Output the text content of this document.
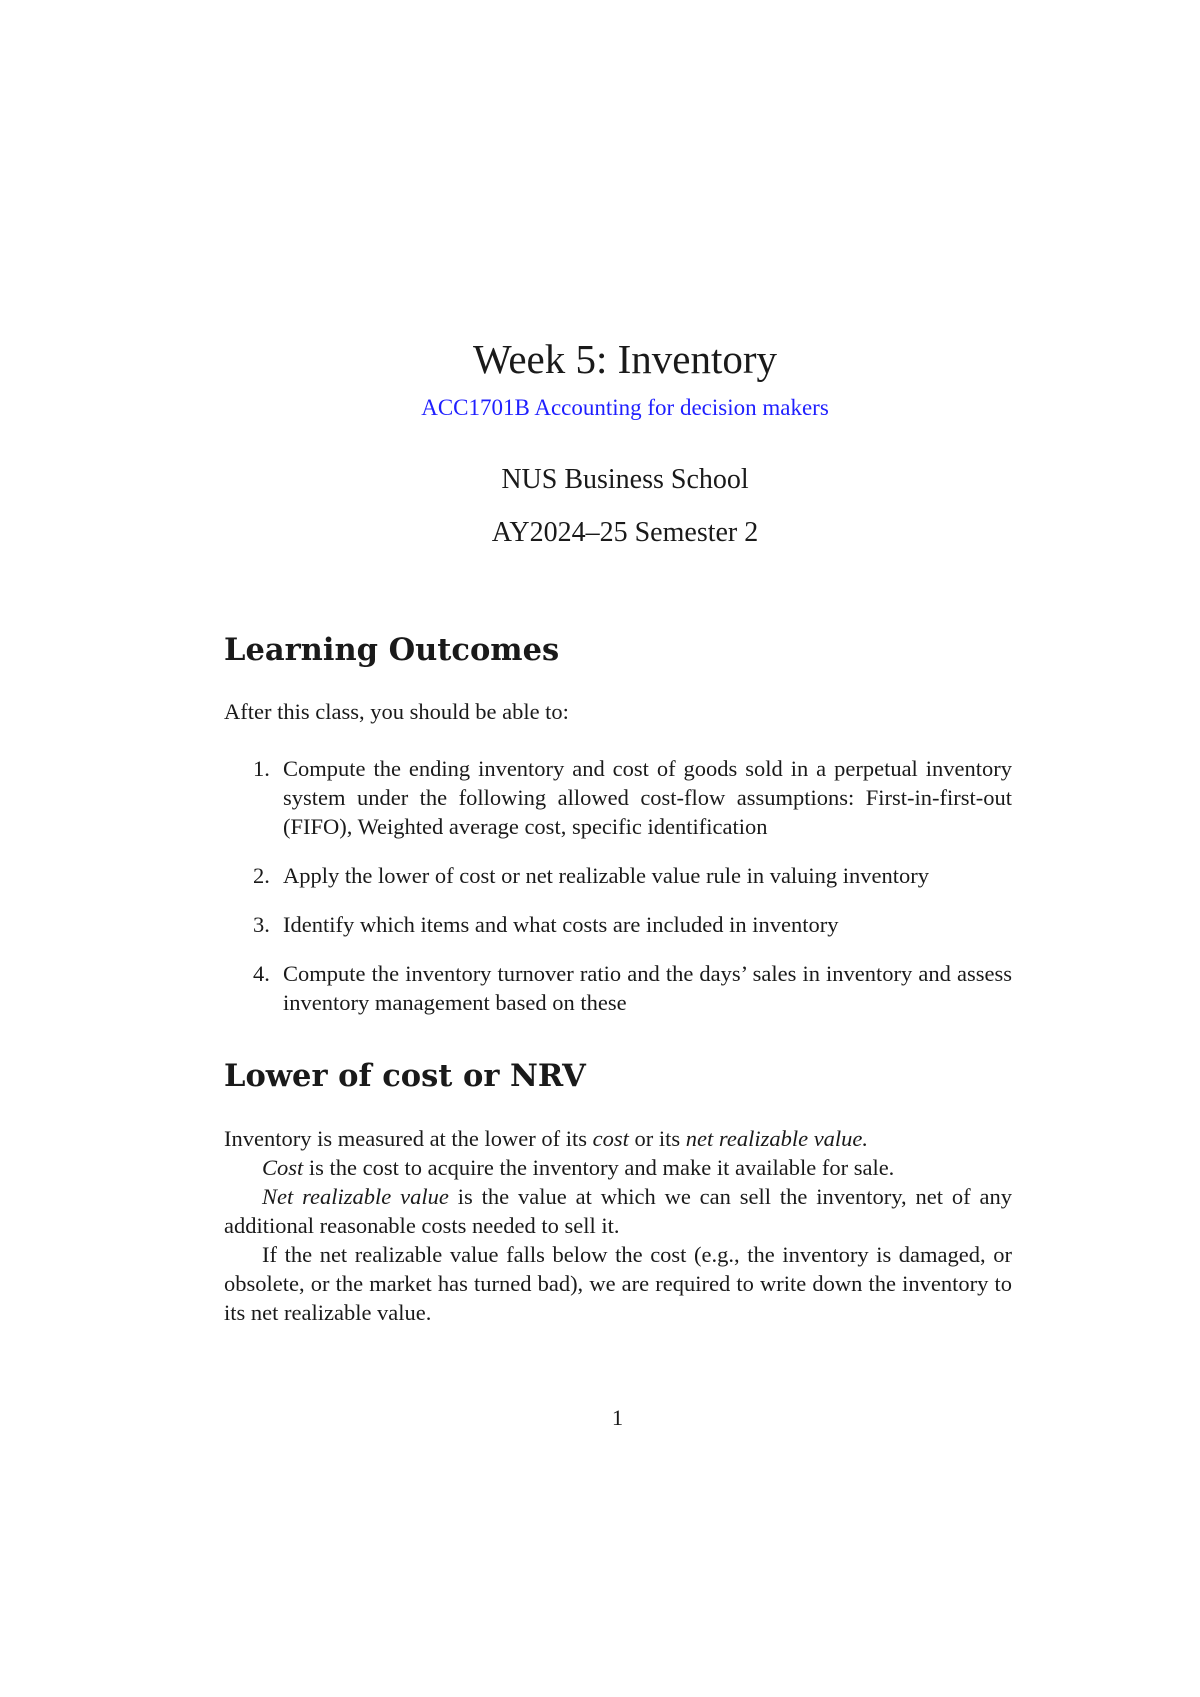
Week 5: Inventory
ACC1701B Accounting for decision makers

NUS Business School

AY2024–25 Semester 2

Learning Outcomes

After this class, you should be able to:

1. Compute the ending inventory and cost of goods sold in a perpetual inventory system under the following allowed cost-flow assumptions: First-in-first-out (FIFO), Weighted average cost, specific identification
2. Apply the lower of cost or net realizable value rule in valuing inventory
3. Identify which items and what costs are included in inventory
4. Compute the inventory turnover ratio and the days’ sales in inventory and assess inventory management based on these
Lower of cost or NRV

Inventory is measured at the lower of its cost or its net realizable value.

Cost is the cost to acquire the inventory and make it available for sale.

Net realizable value is the value at which we can sell the inventory, net of any additional reasonable costs needed to sell it.

If the net realizable value falls below the cost (e.g., the inventory is damaged, or obsolete, or the market has turned bad), we are required to write down the inventory to its net realizable value.

1
